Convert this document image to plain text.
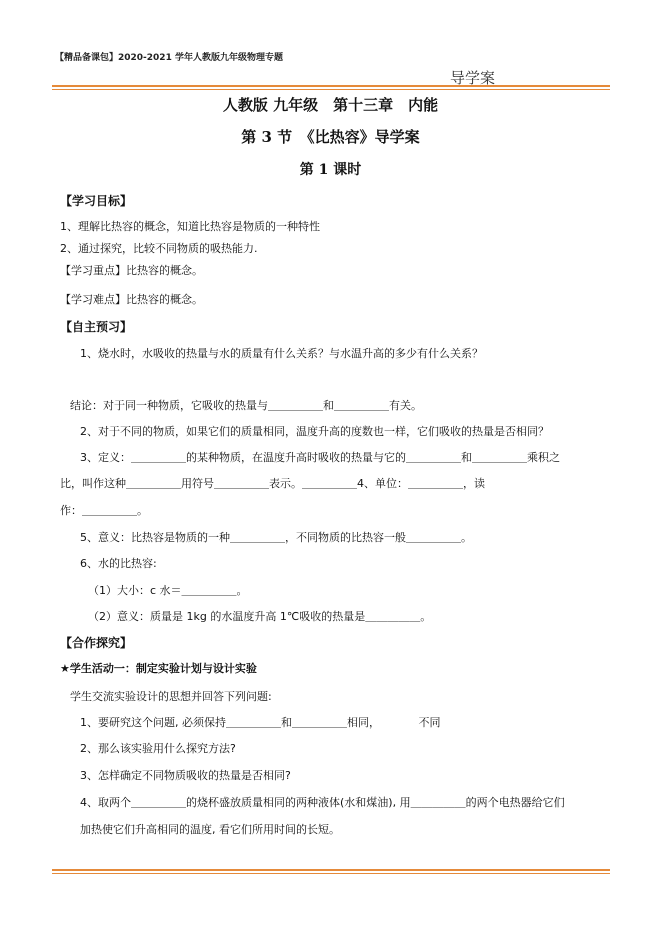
【精品备课包】2020-2021 学年人教版九年级物理专题
导学案
人教版 九年级　第十三章　内能
第 3 节　《比热容》导学案
第 1 课时
【学习目标】
1、理解比热容的概念，知道比热容是物质的一种特性
2、通过探究，比较不同物质的吸热能力.
【学习重点】比热容的概念。
【学习难点】比热容的概念。
【自主预习】
1、烧水时，水吸收的热量与水的质量有什么关系？与水温升高的多少有什么关系？
结论：对于同一种物质，它吸收的热量与＿＿＿＿＿和＿＿＿＿＿有关。
2、对于不同的物质，如果它们的质量相同，温度升高的度数也一样，它们吸收的热量是否相同？
3、定义：＿＿＿＿＿的某种物质，在温度升高时吸收的热量与它的＿＿＿＿＿和＿＿＿＿＿乘积之
比，叫作这种＿＿＿＿＿用符号＿＿＿＿＿表示。＿＿＿＿＿4、单位：＿＿＿＿＿，读
作：＿＿＿＿＿。
5、意义：比热容是物质的一种＿＿＿＿＿，不同物质的比热容一般＿＿＿＿＿。
6、水的比热容:
（1）大小：c 水＝＿＿＿＿＿。
（2）意义：质量是 1kg 的水温度升高 1℃吸收的热量是＿＿＿＿＿。
【合作探究】
★学生活动一：制定实验计划与设计实验
学生交流实验设计的思想并回答下列问题:
1、要研究这个问题, 必须保持＿＿＿＿＿和＿＿＿＿＿相同，　　　　不同
2、那么该实验用什么探究方法?
3、怎样确定不同物质吸收的热量是否相同?
4、取两个＿＿＿＿＿的烧杯盛放质量相同的两种液体(水和煤油), 用＿＿＿＿＿的两个电热器给它们
加热使它们升高相同的温度, 看它们所用时间的长短。
